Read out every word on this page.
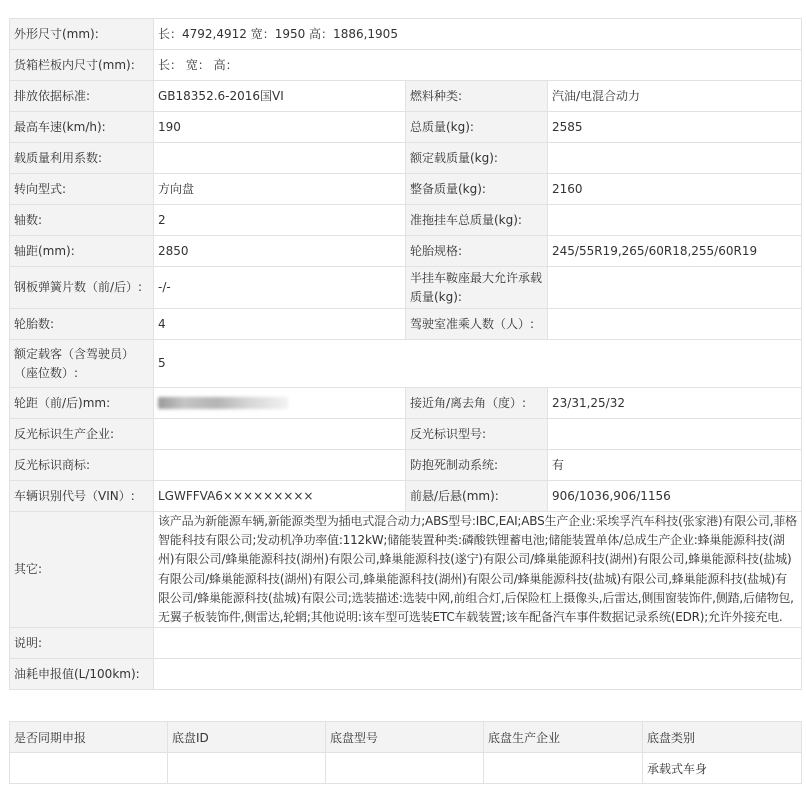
外形尺寸(mm):	长：4792,4912 宽：1950 高：1886,1905		
货箱栏板内尺寸(mm):	长： 宽： 高：		
排放依据标准:	GB18352.6-2016国VI	燃料种类:	汽油/电混合动力
最高车速(km/h):	190	总质量(kg):	2585
载质量利用系数:		额定载质量(kg):	
转向型式:	方向盘	整备质量(kg):	2160
轴数:	2	准拖挂车总质量(kg):	
轴距(mm):	2850	轮胎规格:	245/55R19,265/60R18,255/60R19
钢板弹簧片数（前/后）:	-/-	半挂车鞍座最大允许承载质量(kg):	
轮胎数:	4	驾驶室准乘人数（人）:	
额定载客（含驾驶员）（座位数）:	5		
轮距（前/后)mm:		接近角/离去角（度）:	23/31,25/32
反光标识生产企业:		反光标识型号:	
反光标识商标:		防抱死制动系统:	有
车辆识别代号（VIN）:	LGWFFVA6×××××××××	前悬/后悬(mm):	906/1036,906/1156
其它:	该产品为新能源车辆,新能源类型为插电式混合动力;ABS型号:IBC,EAI;ABS生产企业:采埃孚汽车科技(张家港)有限公司,菲格智能科技有限公司;发动机净功率值:112kW;储能装置种类:磷酸铁锂蓄电池;储能装置单体/总成生产企业:蜂巢能源科技(湖州)有限公司/蜂巢能源科技(湖州)有限公司,蜂巢能源科技(遂宁)有限公司/蜂巢能源科技(湖州)有限公司,蜂巢能源科技(盐城)有限公司/蜂巢能源科技(湖州)有限公司,蜂巢能源科技(湖州)有限公司/蜂巢能源科技(盐城)有限公司,蜂巢能源科技(盐城)有限公司/蜂巢能源科技(盐城)有限公司;选装描述:选装中网,前组合灯,后保险杠上摄像头,后雷达,侧围窗装饰件,侧踏,后储物包,无翼子板装饰件,侧雷达,轮辋;其他说明:该车型可选装ETC车载装置;该车配备汽车事件数据记录系统(EDR);允许外接充电.		
说明:			
油耗申报值(L/100km):			
是否同期申报	底盘ID	底盘型号	底盘生产企业	底盘类别
				承载式车身
